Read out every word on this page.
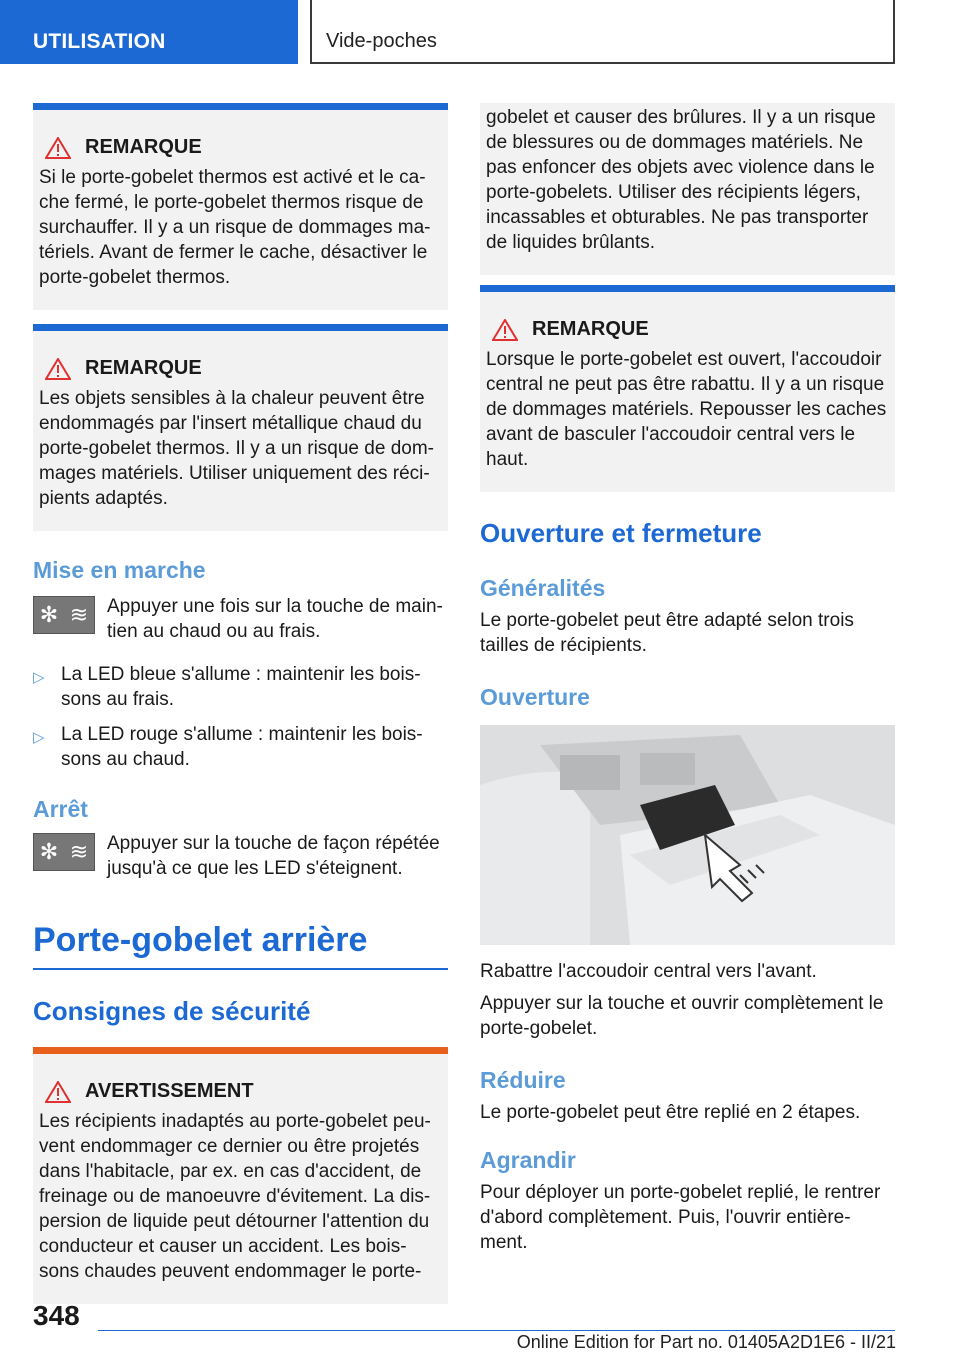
UTILISATION	Vide-poches
REMARQUE

Si le porte-gobelet thermos est activé et le ca-che fermé, le porte-gobelet thermos risque de surchauffer. Il y a un risque de dommages ma-tériels. Avant de fermer le cache, désactiver le porte-gobelet thermos.

REMARQUE

Les objets sensibles à la chaleur peuvent être endommagés par l'insert métallique chaud du porte-gobelet thermos. Il y a un risque de dom-mages matériels. Utiliser uniquement des réci-pients adaptés.

Mise en marche
✻ ≋ Appuyer une fois sur la touche de main-tien au chaud ou au frais.
▷ La LED bleue s'allume : maintenir les bois-sons au frais.
▷ La LED rouge s'allume : maintenir les bois-sons au chaud.
Arrêt
✻ ≋ Appuyer sur la touche de façon répétée jusqu'à ce que les LED s'éteignent.
Porte-gobelet arrière
Consignes de sécurité
AVERTISSEMENT

Les récipients inadaptés au porte-gobelet peu-vent endommager ce dernier ou être projetés dans l'habitacle, par ex. en cas d'accident, de freinage ou de manoeuvre d'évitement. La dis-persion de liquide peut détourner l'attention du conducteur et causer un accident. Les bois-sons chaudes peuvent endommager le porte-

gobelet et causer des brûlures. Il y a un risque de blessures ou de dommages matériels. Ne pas enfoncer des objets avec violence dans le porte-gobelets. Utiliser des récipients légers, incassables et obturables. Ne pas transporter de liquides brûlants.

REMARQUE

Lorsque le porte-gobelet est ouvert, l'accoudoir central ne peut pas être rabattu. Il y a un risque de dommages matériels. Repousser les caches avant de basculer l'accoudoir central vers le haut.

Ouverture et fermeture
Généralités
Le porte-gobelet peut être adapté selon trois tailles de récipients.
Ouverture
Rabattre l'accoudoir central vers l'avant.
Appuyer sur la touche et ouvrir complètement le porte-gobelet.
Réduire
Le porte-gobelet peut être replié en 2 étapes.
Agrandir
Pour déployer un porte-gobelet replié, le rentrer d'abord complètement. Puis, l'ouvrir entière-ment.
348
Online Edition for Part no. 01405A2D1E6 - II/21
